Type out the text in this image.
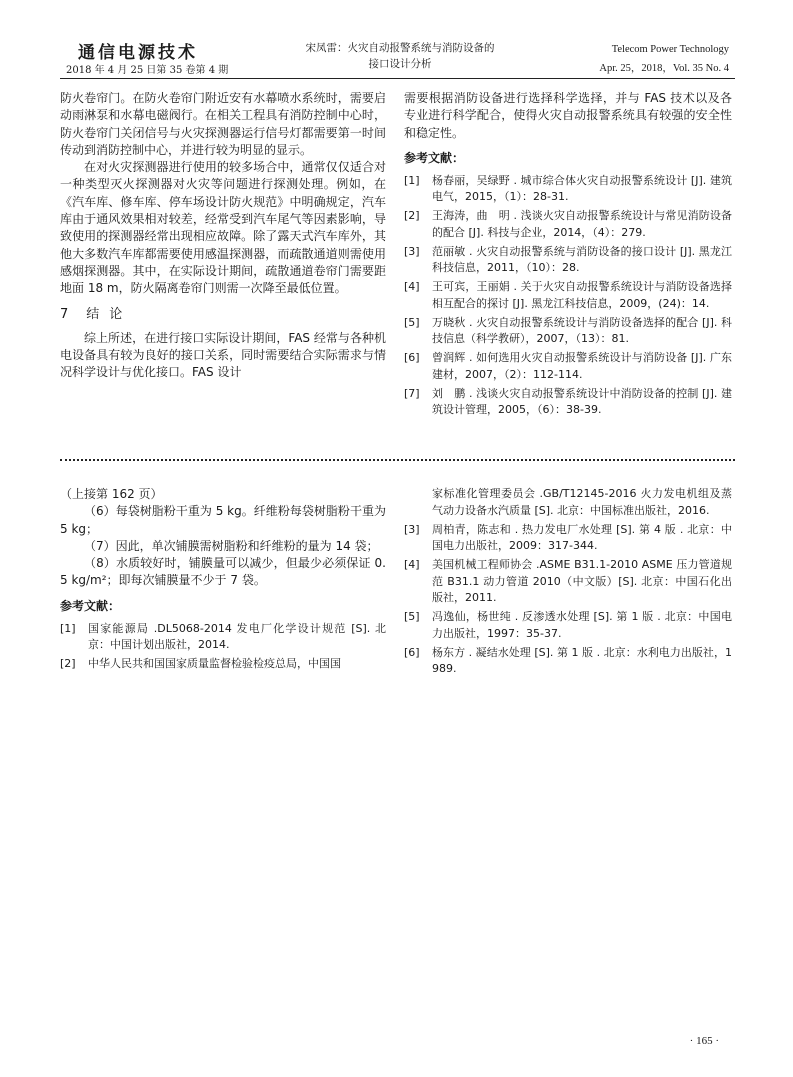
通信电源技术
2018 年 4 月 25 日第 35 卷第 4 期
宋凤雷：火灾自动报警系统与消防设备的
接口设计分析
Telecom Power Technology
Apr. 25，2018，Vol. 35 No. 4

防火卷帘门。在防火卷帘门附近安有水幕喷水系统时，需要启动雨淋泵和水幕电磁阀行。在相关工程具有消防控制中心时，防火卷帘门关闭信号与火灾探测器运行信号灯都需要第一时间传动到消防控制中心，并进行较为明显的显示。

在对火灾探测器进行使用的较多场合中，通常仅仅适合对一种类型灭火探测器对火灾等问题进行探测处理。例如，在《汽车库、修车库、停车场设计防火规范》中明确规定，汽车库由于通风效果相对较差，经常受到汽车尾气等因素影响，导致使用的探测器经常出现相应故障。除了露天式汽车库外，其他大多数汽车库都需要使用感温探测器，而疏散通道则需使用感烟探测器。其中，在实际设计期间，疏散通道卷帘门需要距地面 18 m，防火隔离卷帘门则需一次降至最低位置。

7 结论

综上所述，在进行接口实际设计期间，FAS 经常与各种机电设备具有较为良好的接口关系，同时需要结合实际需求与情况科学设计与优化接口。FAS 设计

需要根据消防设备进行选择科学选择，并与 FAS 技术以及各专业进行科学配合，使得火灾自动报警系统具有较强的安全性和稳定性。

参考文献：
[1]	杨春丽，吴绿野 . 城市综合体火灾自动报警系统设计 [J]. 建筑电气，2015，（1）：28-31.
[2]	王海涛，曲　明 . 浅谈火灾自动报警系统设计与常见消防设备的配合 [J]. 科技与企业，2014，（4）：279.
[3]	范丽敏 . 火灾自动报警系统与消防设备的接口设计 [J]. 黑龙江科技信息，2011，（10）：28.
[4]	王可宾，王丽娟 . 关于火灾自动报警系统设计与消防设备选择相互配合的探讨 [J]. 黑龙江科技信息，2009，(24)：14.
[5]	万晓秋 . 火灾自动报警系统设计与消防设备选择的配合 [J]. 科技信息（科学教研），2007，（13）：81.
[6]	曾润辉 . 如何选用火灾自动报警系统设计与消防设备 [J]. 广东建材，2007，（2）：112-114.
[7]	刘　鹏 . 浅谈火灾自动报警系统设计中消防设备的控制 [J]. 建筑设计管理，2005，（6）：38-39.
（上接第 162 页）

（6）每袋树脂粉干重为 5 kg。纤维粉每袋树脂粉干重为 5 kg；

（7）因此，单次铺膜需树脂粉和纤维粉的量为 14 袋；

（8）水质较好时，铺膜量可以减少，但最少必须保证 0.5 kg/m²；即每次铺膜量不少于 7 袋。

参考文献：
[1]	国家能源局 .DL5068-2014 发电厂化学设计规范 [S]. 北京：中国计划出版社，2014.
[2]	中华人民共和国国家质量监督检验检疫总局，中国国
家标准化管理委员会 .GB/T12145-2016 火力发电机组及蒸气动力设备水汽质量 [S]. 北京：中国标准出版社，2016.
[3]	周柏青，陈志和 . 热力发电厂水处理 [S]. 第 4 版 . 北京：中国电力出版社，2009：317-344.
[4]	美国机械工程师协会 .ASME B31.1-2010 ASME 压力管道规范 B31.1 动力管道 2010（中文版）[S]. 北京：中国石化出版社，2011.
[5]	冯逸仙，杨世纯 . 反渗透水处理 [S]. 第 1 版 . 北京：中国电力出版社，1997：35-37.
[6]	杨东方 . 凝结水处理 [S]. 第 1 版 . 北京：水利电力出版社，1989.
· 165 ·
